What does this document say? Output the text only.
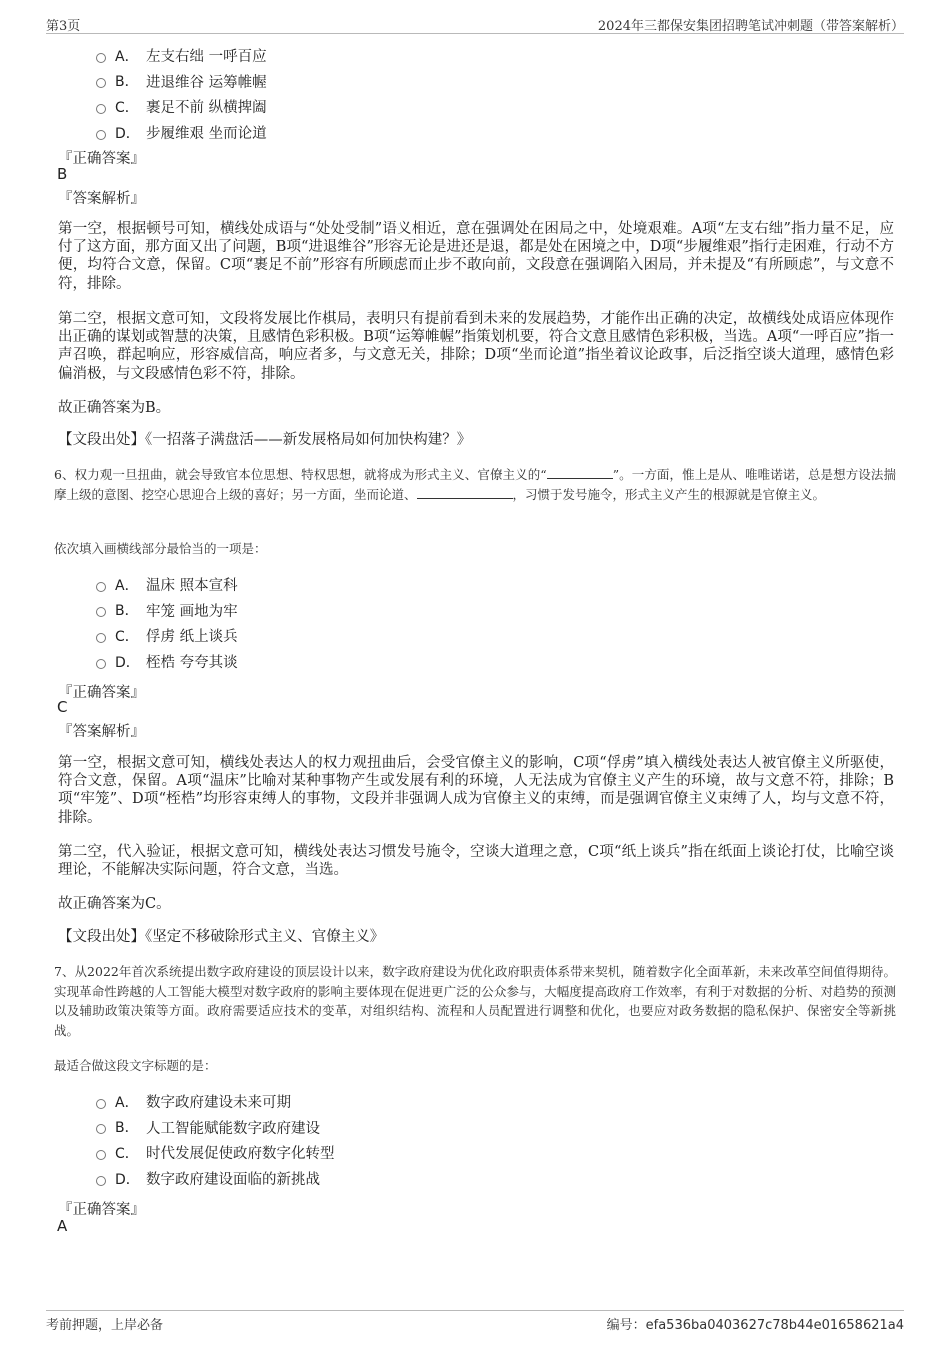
第3页	2024年三都保安集团招聘笔试冲刺题（带答案解析）
A． 左支右绌 一呼百应
B． 进退维谷 运筹帷幄
C． 裹足不前 纵横捭阖
D． 步履维艰 坐而论道
『正确答案』
B
『答案解析』
第一空，根据顿号可知，横线处成语与“处处受制”语义相近，意在强调处在困局之中，处境艰难。A项“左支右绌”指力量不足，应付了这方面，那方面又出了问题，B项“进退维谷”形容无论是进还是退，都是处在困境之中，D项“步履维艰”指行走困难，行动不方便，均符合文意，保留。C项“裹足不前”形容有所顾虑而止步不敢向前，文段意在强调陷入困局，并未提及“有所顾虑”，与文意不符，排除。
第二空，根据文意可知，文段将发展比作棋局，表明只有提前看到未来的发展趋势，才能作出正确的决定，故横线处成语应体现作出正确的谋划或智慧的决策，且感情色彩积极。B项“运筹帷幄”指策划机要，符合文意且感情色彩积极，当选。A项“一呼百应”指一声召唤，群起响应，形容威信高，响应者多，与文意无关，排除；D项“坐而论道”指坐着议论政事，后泛指空谈大道理，感情色彩偏消极，与文段感情色彩不符，排除。
故正确答案为B。
【文段出处】《一招落子满盘活——新发展格局如何加快构建？》
6、权力观一旦扭曲，就会导致官本位思想、特权思想，就将成为形式主义、官僚主义的“	”。一方面，惟上是从、唯唯诺诺，总是想方设法揣摩上级的意图、挖空心思迎合上级的喜好；另一方面，坐而论道、	，习惯于发号施令，形式主义产生的根源就是官僚主义。
依次填入画横线部分最恰当的一项是：
A． 温床 照本宣科
B． 牢笼 画地为牢
C． 俘虏 纸上谈兵
D． 桎梏 夸夸其谈
『正确答案』
C
『答案解析』
第一空，根据文意可知，横线处表达人的权力观扭曲后，会受官僚主义的影响，C项“俘虏”填入横线处表达人被官僚主义所驱使，符合文意，保留。A项“温床”比喻对某种事物产生或发展有利的环境，人无法成为官僚主义产生的环境，故与文意不符，排除；B项“牢笼”、D项“桎梏”均形容束缚人的事物，文段并非强调人成为官僚主义的束缚，而是强调官僚主义束缚了人，均与文意不符，排除。
第二空，代入验证，根据文意可知，横线处表达习惯发号施令，空谈大道理之意，C项“纸上谈兵”指在纸面上谈论打仗，比喻空谈理论，不能解决实际问题，符合文意，当选。
故正确答案为C。
【文段出处】《坚定不移破除形式主义、官僚主义》
7、从2022年首次系统提出数字政府建设的顶层设计以来，数字政府建设为优化政府职责体系带来契机，随着数字化全面革新，未来改革空间值得期待。实现革命性跨越的人工智能大模型对数字政府的影响主要体现在促进更广泛的公众参与，大幅度提高政府工作效率，有利于对数据的分析、对趋势的预测以及辅助政策决策等方面。政府需要适应技术的变革，对组织结构、流程和人员配置进行调整和优化，也要应对政务数据的隐私保护、保密安全等新挑战。
最适合做这段文字标题的是：
A． 数字政府建设未来可期
B． 人工智能赋能数字政府建设
C． 时代发展促使政府数字化转型
D． 数字政府建设面临的新挑战
『正确答案』
A
考前押题，上岸必备	编号：efa536ba0403627c78b44e01658621a4
